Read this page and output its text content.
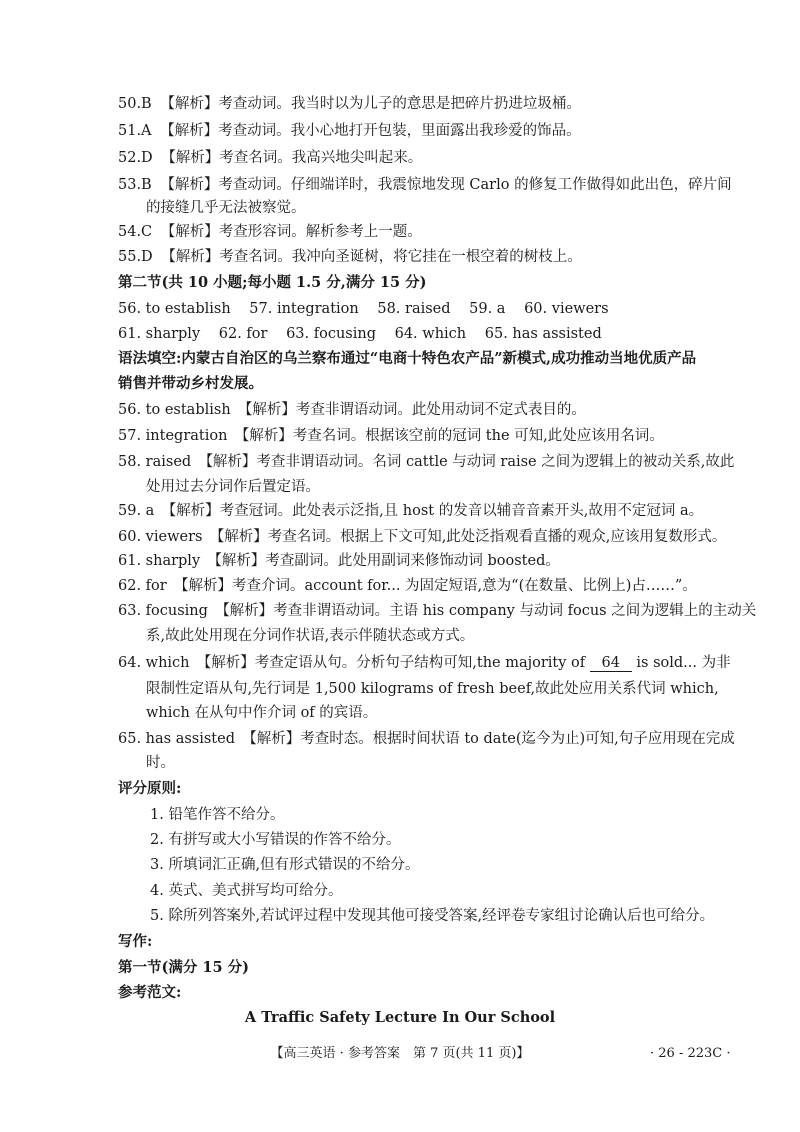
50.B 【解析】考查动词。我当时以为儿子的意思是把碎片扔进垃圾桶。
51.A 【解析】考查动词。我小心地打开包装，里面露出我珍爱的饰品。
52.D 【解析】考查名词。我高兴地尖叫起来。
53.B 【解析】考查动词。仔细端详时，我震惊地发现 Carlo 的修复工作做得如此出色，碎片间
的接缝几乎无法被察觉。
54.C 【解析】考查形容词。解析参考上一题。
55.D 【解析】考查名词。我冲向圣诞树，将它挂在一根空着的树枝上。
第二节(共 10 小题;每小题 1.5 分,满分 15 分)
56. to establish 57. integration 58. raised 59. a 60. viewers
61. sharply 62. for 63. focusing 64. which 65. has assisted
语法填空:内蒙古自治区的乌兰察布通过“电商十特色农产品”新模式,成功推动当地优质产品
销售并带动乡村发展。
56. to establish　 【解析】考查非谓语动词。此处用动词不定式表目的。
57. integration　 【解析】考查名词。根据该空前的冠词 the 可知,此处应该用名词。
58. raised　 【解析】考查非谓语动词。名词 cattle 与动词 raise 之间为逻辑上的被动关系,故此
处用过去分词作后置定语。
59. a　 【解析】考查冠词。此处表示泛指,且 host 的发音以辅音音素开头,故用不定冠词 a。
60. viewers　 【解析】考查名词。根据上下文可知,此处泛指观看直播的观众,应该用复数形式。
61. sharply　 【解析】考查副词。此处用副词来修饰动词 boosted。
62. for　 【解析】考查介词。account for... 为固定短语,意为“(在数量、比例上)占……”。
63. focusing　 【解析】考查非谓语动词。主语 his company 与动词 focus 之间为逻辑上的主动关
系,故此处用现在分词作状语,表示伴随状态或方式。
64. which　 【解析】考查定语从句。分析句子结构可知,the majority of 64 is sold... 为非
限制性定语从句,先行词是 1,500 kilograms of fresh beef,故此处应用关系代词 which,
which 在从句中作介词 of 的宾语。
65. has assisted　 【解析】考查时态。根据时间状语 to date(迄今为止)可知,句子应用现在完成
时。
评分原则:
1. 铅笔作答不给分。
2. 有拼写或大小写错误的作答不给分。
3. 所填词汇正确,但有形式错误的不给分。
4. 英式、美式拼写均可给分。
5. 除所列答案外,若试评过程中发现其他可接受答案,经评卷专家组讨论确认后也可给分。
写作:
第一节(满分 15 分)
参考范文:
A Traffic Safety Lecture In Our School
【高三英语 · 参考答案　第 7 页(共 11 页)】	· 26 - 223C ·
